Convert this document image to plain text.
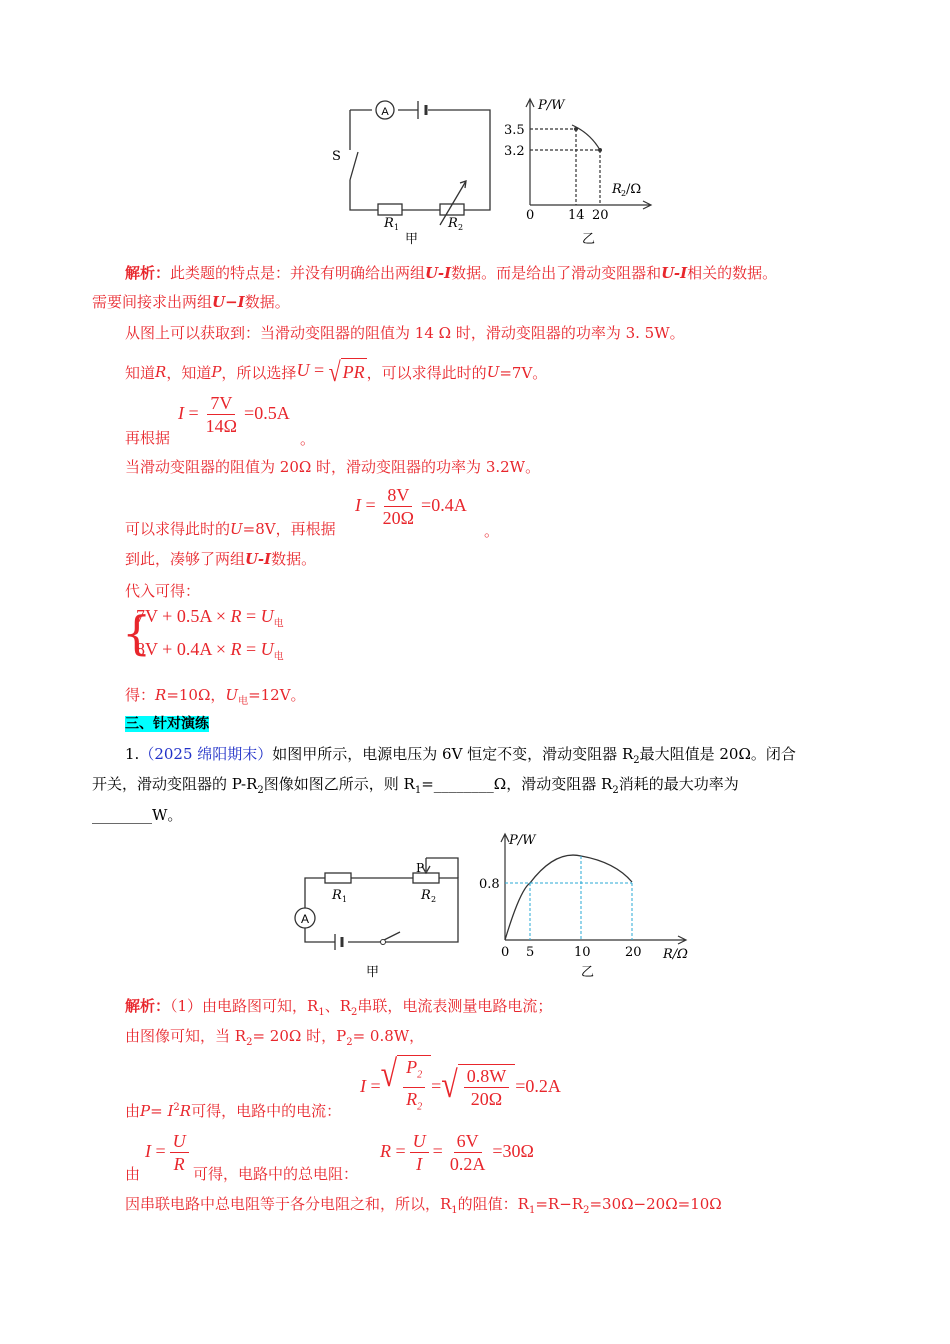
A
S
R 1	R 2
甲
P/W
3.5
3.2
R 2 /Ω
0	14 20
乙
解析：此类题的特点是：并没有明确给出两组U-I数据。而是给出了滑动变阻器和U-I相关的数据。
需要间接求出两组U−I数据。
从图上可以获取到：当滑动变阻器的阻值为 14 Ω 时，滑动变阻器的功率为 3. 5W。
知道 R ，知道 P ，所以选择 U = √ PR ，可以求得此时的 U =7V。
$I = \frac{7V}{14\Omega} =0.5A$
再根据	。
当滑动变阻器的阻值为 20Ω 时，滑动变阻器的功率为 3.2W。
$I = \frac{8V}{20\Omega} =0.4A$
可以求得此时的U=8V，再根据	。
到此，凑够了两组U-I数据。
代入可得：
{
$7V + 0.5A \times R = U_电$
$8V + 0.4A \times R = U_电$
得：R=10Ω，$U_电=12V$。
三、针对演练
1.（2025 绵阳期末）如图甲所示，电源电压为 6V 恒定不变，滑动变阻器 $R_2$最大阻值是 20Ω。闭合
开关，滑动变阻器的 $P-R_2$图像如图乙所示，则 $R_1=\_\_\_\_\_\_\_\_\Omega$，滑动变阻器 $R_2$消耗的最大功率为
________W。
A
P
R 1	R 2
甲
P/W
0.8
0 5	10	20 R/Ω
乙
解析：（1）由电路图可知，$R_1$、$R_2$串联，电流表测量电路电流；
由图像可知，当 $R_2= 20\Omega$ 时，$P_2= 0.8W$，
I = √ $\frac{P_2}{R_2}$ = √ $\frac{0.8W}{20\Omega} =0.2A$
由$P= I^2R$可得，电路中的电流：
$I = \frac{U}{R}$
由	可得，电路中的总电阻：
$R = \frac{U}{I} = \frac{6V}{0.2A} =30\Omega$
因串联电路中总电阻等于各分电阻之和，所以，$R_1$的阻值：$R_1=R-R_2=30\Omega-20\Omega=10\Omega$
